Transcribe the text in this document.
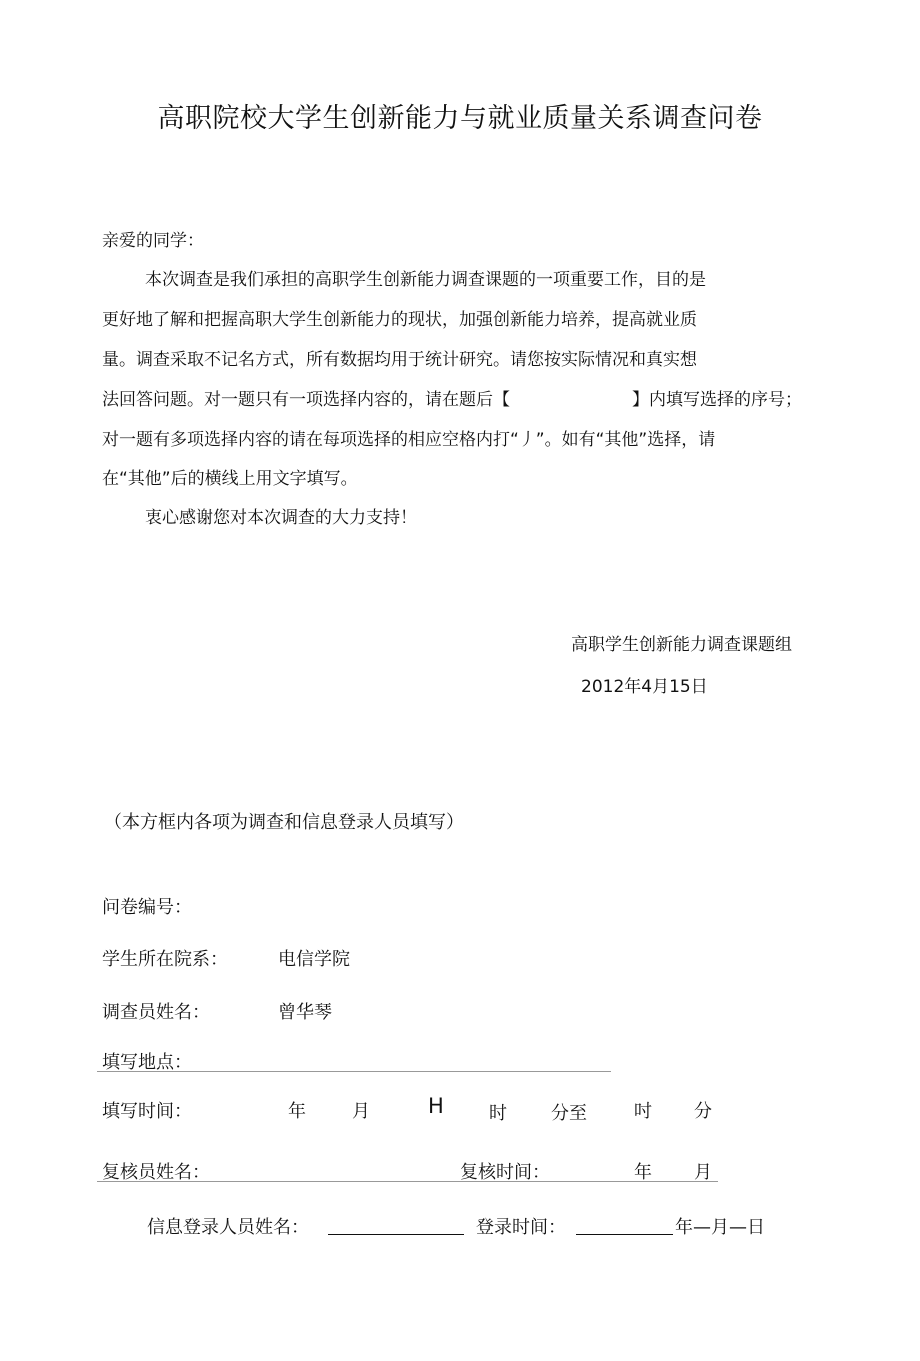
高职院校大学生创新能力与就业质量关系调查问卷
亲爱的同学：
本次调查是我们承担的高职学生创新能力调查课题的一项重要工作，目的是
更好地了解和把握高职大学生创新能力的现状，加强创新能力培养，提高就业质
量。调查采取不记名方式，所有数据均用于统计研究。请您按实际情况和真实想
法回答问题。对一题只有一项选择内容的，请在题后【	】内填写选择的序号；
对一题有多项选择内容的请在每项选择的相应空格内打“丿”。如有“其他”选择，请
在“其他”后的横线上用文字填写。
衷心感谢您对本次调查的大力支持！
高职学生创新能力调查课题组
2012年4月15日
（本方框内各项为调查和信息登录人员填写）
问卷编号：
学生所在院系：	电信学院
调查员姓名：	曾华琴
填写地点：
填写时间：	年	月	H	时 分至	吋 分
复核员姓名：	复核时间：	年 月
信息登录人员姓名：	登录时间：	年—月—日
